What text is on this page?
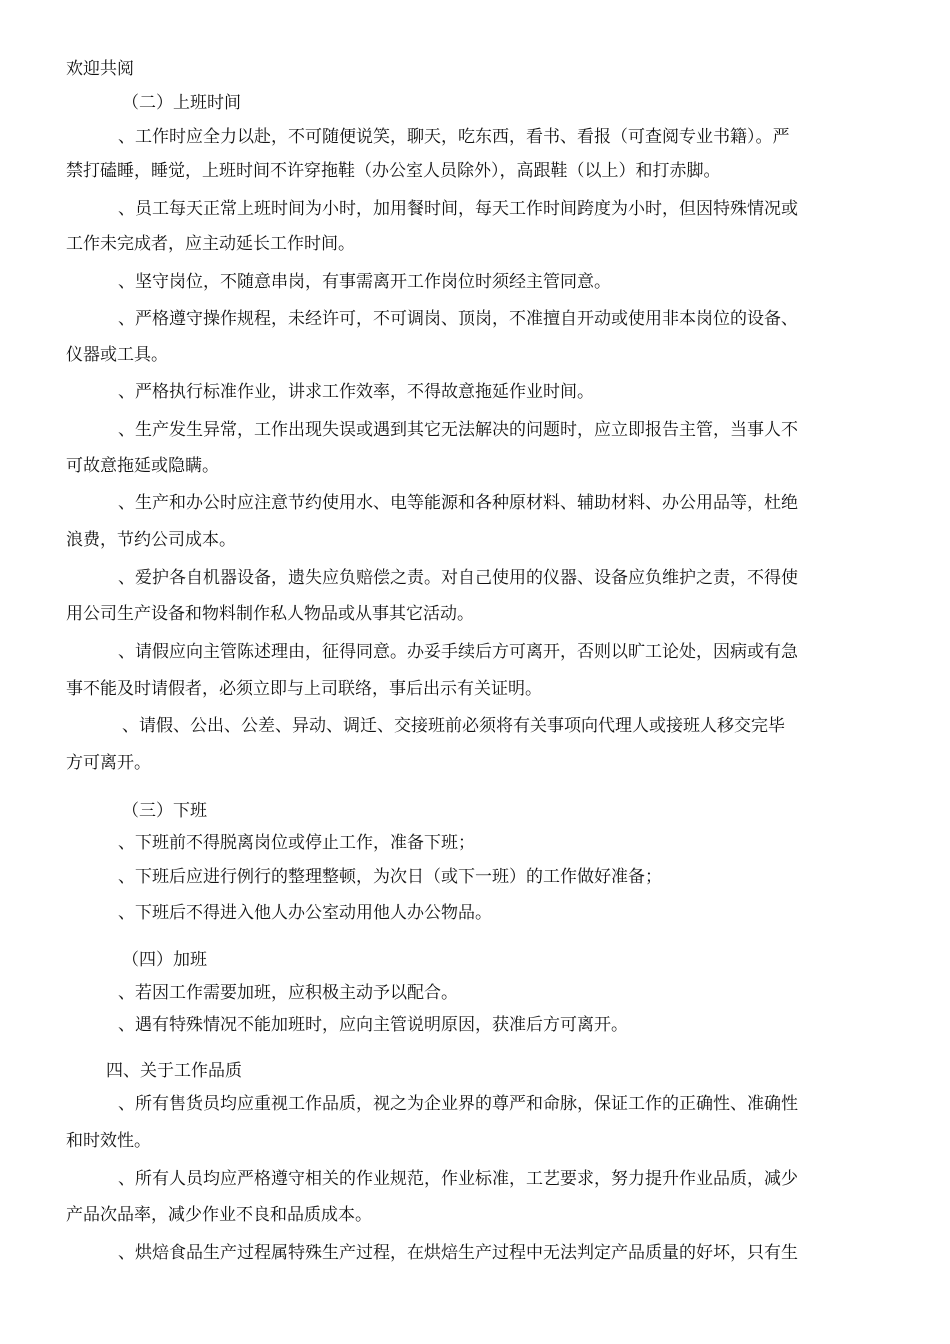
欢迎共阅
（二）上班时间
、工作时应全力以赴，不可随便说笑，聊天，吃东西，看书、看报（可查阅专业书籍）。严
禁打磕睡，睡觉，上班时间不许穿拖鞋（办公室人员除外），高跟鞋（以上）和打赤脚。
、员工每天正常上班时间为小时，加用餐时间，每天工作时间跨度为小时，但因特殊情况或
工作未完成者，应主动延长工作时间。
、坚守岗位，不随意串岗，有事需离开工作岗位时须经主管同意。
、严格遵守操作规程，未经许可，不可调岗、顶岗，不准擅自开动或使用非本岗位的设备、
仪器或工具。
、严格执行标准作业，讲求工作效率，不得故意拖延作业时间。
、生产发生异常，工作出现失误或遇到其它无法解决的问题时，应立即报告主管，当事人不
可故意拖延或隐瞒。
、生产和办公时应注意节约使用水、电等能源和各种原材料、辅助材料、办公用品等，杜绝
浪费，节约公司成本。
、爱护各自机器设备，遗失应负赔偿之责。对自己使用的仪器、设备应负维护之责，不得使
用公司生产设备和物料制作私人物品或从事其它活动。
、请假应向主管陈述理由，征得同意。办妥手续后方可离开，否则以旷工论处，因病或有急
事不能及时请假者，必须立即与上司联络，事后出示有关证明。
、请假、公出、公差、异动、调迁、交接班前必须将有关事项向代理人或接班人移交完毕
方可离开。
（三）下班
、下班前不得脱离岗位或停止工作，准备下班；
、下班后应进行例行的整理整顿，为次日（或下一班）的工作做好准备；
、下班后不得进入他人办公室动用他人办公物品。
（四）加班
、若因工作需要加班，应积极主动予以配合。
、遇有特殊情况不能加班时，应向主管说明原因，获准后方可离开。
四、关于工作品质
、所有售货员均应重视工作品质，视之为企业界的尊严和命脉，保证工作的正确性、准确性
和时效性。
、所有人员均应严格遵守相关的作业规范，作业标准，工艺要求，努力提升作业品质，减少
产品次品率，减少作业不良和品质成本。
、烘焙食品生产过程属特殊生产过程，在烘焙生产过程中无法判定产品质量的好坏，只有生
